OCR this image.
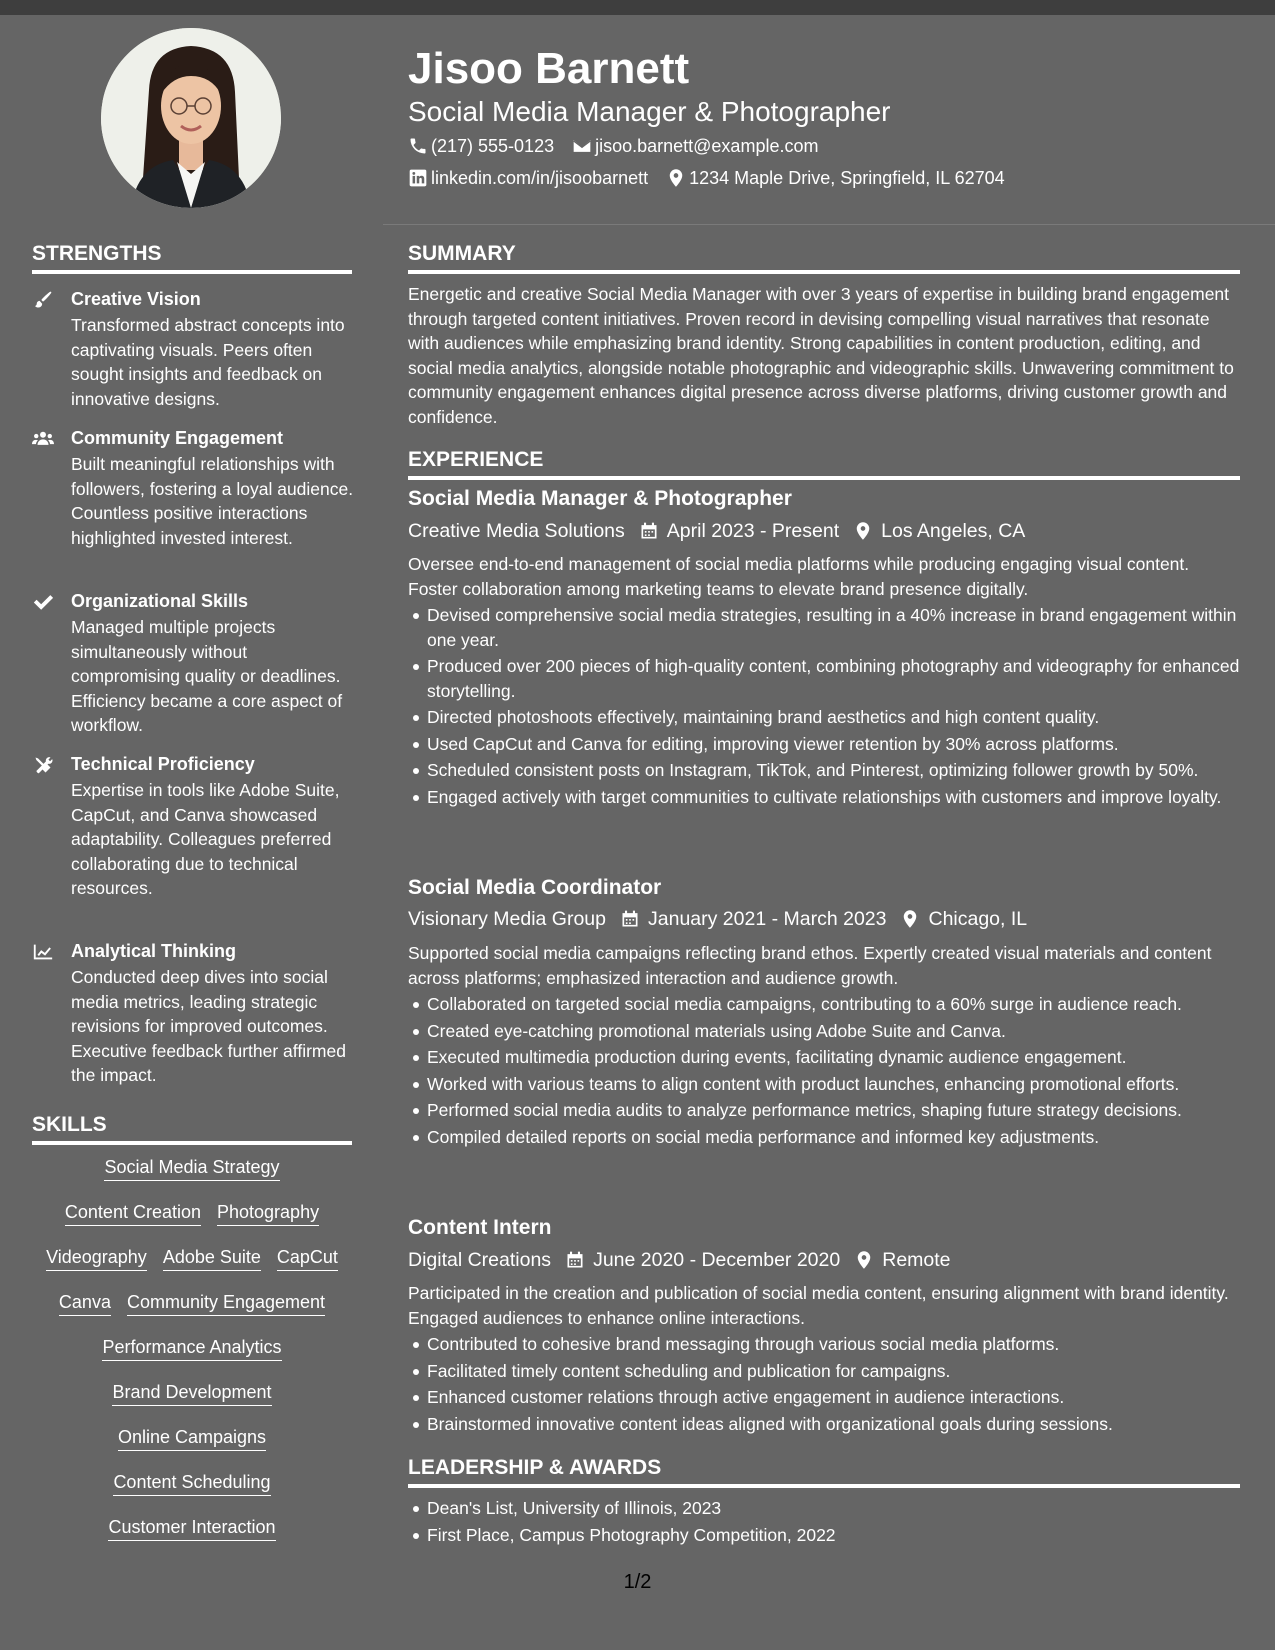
Jisoo Barnett
Social Media Manager & Photographer
(217) 555-0123 jisoo.barnett@example.com
linkedin.com/in/jisoobarnett 1234 Maple Drive, Springfield, IL 62704
STRENGTHS
Creative Vision
Transformed abstract concepts into captivating visuals. Peers often sought insights and feedback on innovative designs.
Community Engagement
Built meaningful relationships with followers, fostering a loyal audience. Countless positive interactions highlighted invested interest.
Organizational Skills
Managed multiple projects simultaneously without compromising quality or deadlines. Efficiency became a core aspect of workflow.
Technical Proficiency
Expertise in tools like Adobe Suite, CapCut, and Canva showcased adaptability. Colleagues preferred collaborating due to technical resources.
Analytical Thinking
Conducted deep dives into social media metrics, leading strategic revisions for improved outcomes. Executive feedback further affirmed the impact.
SKILLS
Social Media Strategy
Content Creation Photography
Videography Adobe Suite CapCut
Canva Community Engagement
Performance Analytics
Brand Development
Online Campaigns
Content Scheduling
Customer Interaction
SUMMARY

Energetic and creative Social Media Manager with over 3 years of expertise in building brand engagement through targeted content initiatives. Proven record in devising compelling visual narratives that resonate with audiences while emphasizing brand identity. Strong capabilities in content production, editing, and social media analytics, alongside notable photographic and videographic skills. Unwavering commitment to community engagement enhances digital presence across diverse platforms, driving customer growth and confidence.

EXPERIENCE
Social Media Manager & Photographer
Creative Media Solutions April 2023 - Present Los Angeles, CA

Oversee end-to-end management of social media platforms while producing engaging visual content. Foster collaboration among marketing teams to elevate brand presence digitally.

Devised comprehensive social media strategies, resulting in a 40% increase in brand engagement within one year.
Produced over 200 pieces of high-quality content, combining photography and videography for enhanced storytelling.
Directed photoshoots effectively, maintaining brand aesthetics and high content quality.
Used CapCut and Canva for editing, improving viewer retention by 30% across platforms.
Scheduled consistent posts on Instagram, TikTok, and Pinterest, optimizing follower growth by 50%.
Engaged actively with target communities to cultivate relationships with customers and improve loyalty.
Social Media Coordinator
Visionary Media Group January 2021 - March 2023 Chicago, IL

Supported social media campaigns reflecting brand ethos. Expertly created visual materials and content across platforms; emphasized interaction and audience growth.

Collaborated on targeted social media campaigns, contributing to a 60% surge in audience reach.
Created eye-catching promotional materials using Adobe Suite and Canva.
Executed multimedia production during events, facilitating dynamic audience engagement.
Worked with various teams to align content with product launches, enhancing promotional efforts.
Performed social media audits to analyze performance metrics, shaping future strategy decisions.
Compiled detailed reports on social media performance and informed key adjustments.
Content Intern
Digital Creations June 2020 - December 2020 Remote

Participated in the creation and publication of social media content, ensuring alignment with brand identity. Engaged audiences to enhance online interactions.

Contributed to cohesive brand messaging through various social media platforms.
Facilitated timely content scheduling and publication for campaigns.
Enhanced customer relations through active engagement in audience interactions.
Brainstormed innovative content ideas aligned with organizational goals during sessions.
LEADERSHIP & AWARDS
Dean's List, University of Illinois, 2023
First Place, Campus Photography Competition, 2022
1/2
